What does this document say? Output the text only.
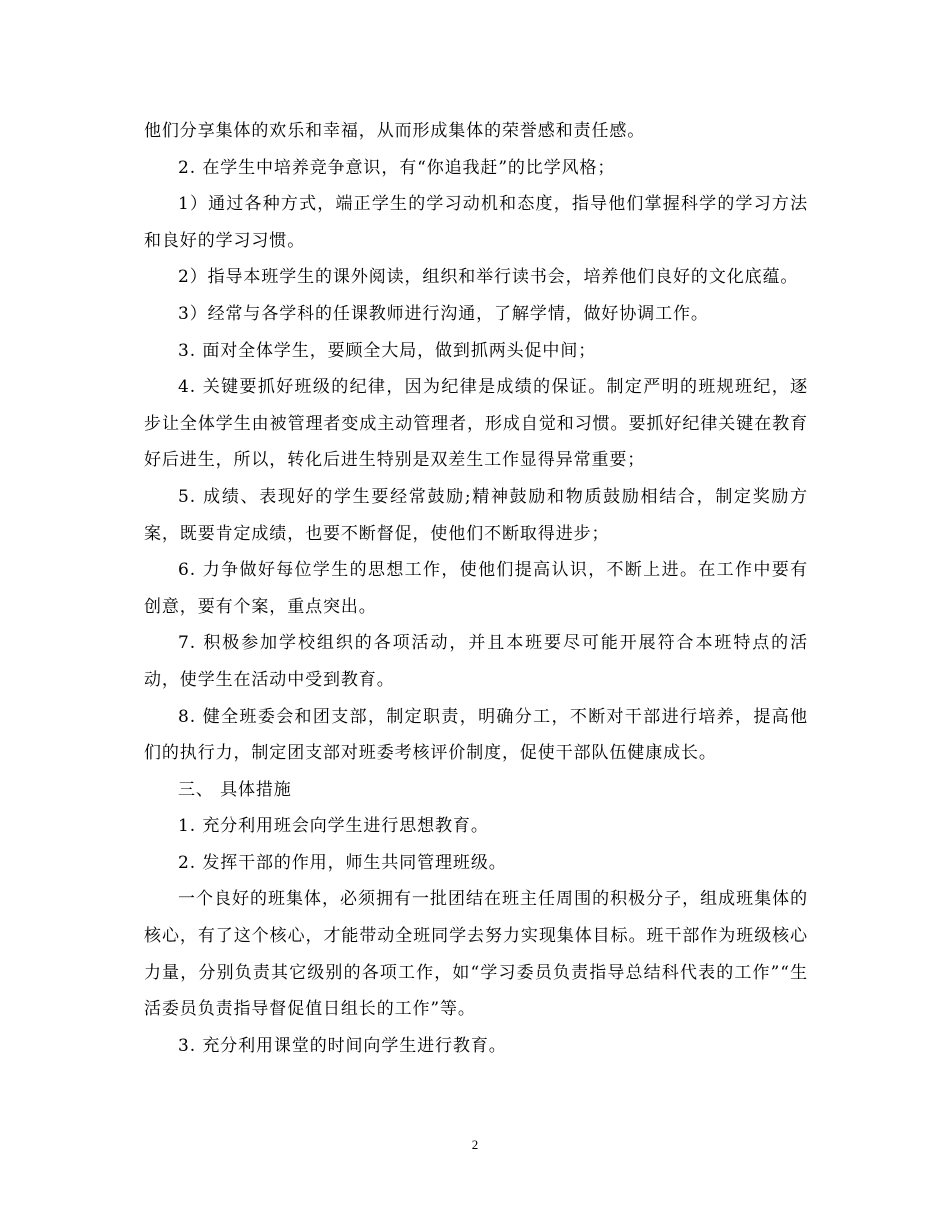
他们分享集体的欢乐和幸福，从而形成集体的荣誉感和责任感。

2. 在学生中培养竞争意识，有“你追我赶”的比学风格；

1）通过各种方式，端正学生的学习动机和态度，指导他们掌握科学的学习方法和良好的学习习惯。

2）指导本班学生的课外阅读，组织和举行读书会，培养他们良好的文化底蕴。

3）经常与各学科的任课教师进行沟通，了解学情，做好协调工作。

3. 面对全体学生，要顾全大局，做到抓两头促中间；

4. 关键要抓好班级的纪律，因为纪律是成绩的保证。制定严明的班规班纪，逐步让全体学生由被管理者变成主动管理者，形成自觉和习惯。要抓好纪律关键在教育好后进生，所以，转化后进生特别是双差生工作显得异常重要；

5. 成绩、表现好的学生要经常鼓励;精神鼓励和物质鼓励相结合，制定奖励方案，既要肯定成绩，也要不断督促，使他们不断取得进步；

6. 力争做好每位学生的思想工作，使他们提高认识，不断上进。在工作中要有创意，要有个案，重点突出。

7. 积极参加学校组织的各项活动，并且本班要尽可能开展符合本班特点的活动，使学生在活动中受到教育。

8. 健全班委会和团支部，制定职责，明确分工，不断对干部进行培养，提高他们的执行力，制定团支部对班委考核评价制度，促使干部队伍健康成长。

三、 具体措施

1. 充分利用班会向学生进行思想教育。

2. 发挥干部的作用，师生共同管理班级。

一个良好的班集体，必须拥有一批团结在班主任周围的积极分子，组成班集体的核心，有了这个核心，才能带动全班同学去努力实现集体目标。班干部作为班级核心力量，分别负责其它级别的各项工作，如“学习委员负责指导总结科代表的工作”“生活委员负责指导督促值日组长的工作”等。

3. 充分利用课堂的时间向学生进行教育。

2
